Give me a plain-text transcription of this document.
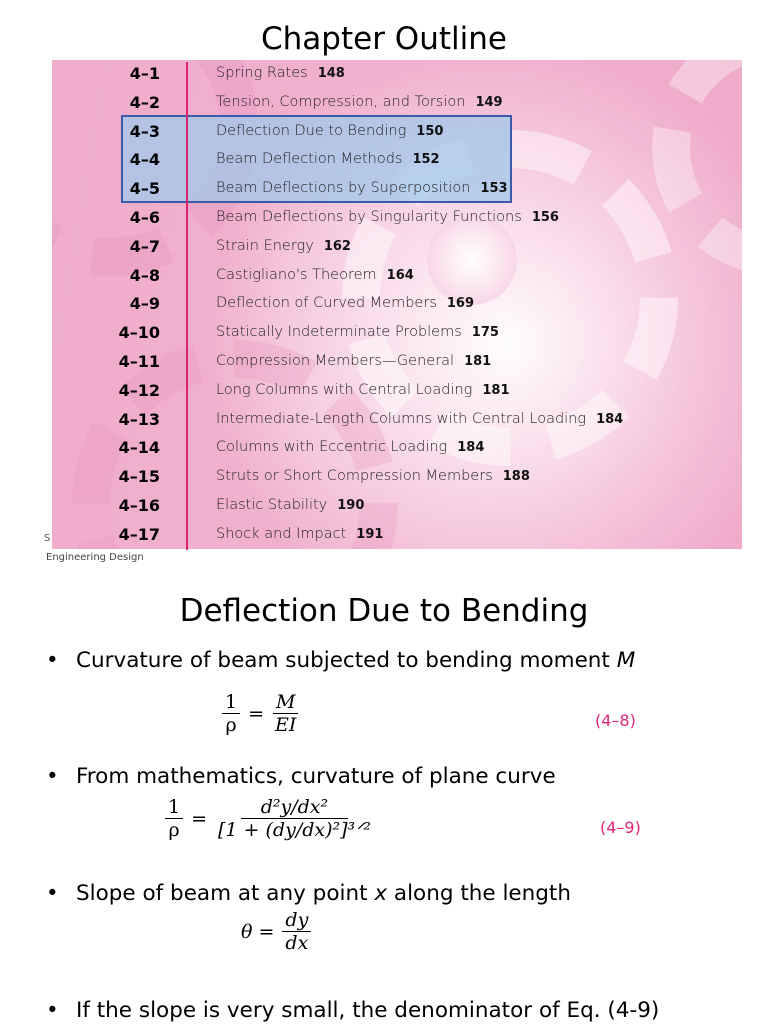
Chapter Outline
4–1	Spring Rates 148
4–2	Tension, Compression, and Torsion 149
4–3	Deflection Due to Bending 150
4–4	Beam Deflection Methods 152
4–5	Beam Deflections by Superposition 153
4–6	Beam Deflections by Singularity Functions 156
4–7	Strain Energy 162
4–8	Castigliano's Theorem 164
4–9	Deflection of Curved Members 169
4–10	Statically Indeterminate Problems 175
4–11	Compression Members—General 181
4–12	Long Columns with Central Loading 181
4–13	Intermediate-Length Columns with Central Loading 184
4–14	Columns with Eccentric Loading 184
4–15	Struts or Short Compression Members 188
4–16	Elastic Stability 190
4–17	Shock and Impact 191
S
Engineering Design
Deflection Due to Bending
• Curvature of beam subjected to bending moment M
$\frac{1}{\rho} = \frac{M}{EI}$	(4–8)
• From mathematics, curvature of plane curve
$\frac{1}{\rho} = \frac{\text{d²y/dx²}}{\text{[1 + (dy/dx)²]³ᐟ²}}$	(4–9)
• Slope of beam at any point x along the length
$\theta = \frac{dy}{dx}$
• If the slope is very small, the denominator of Eq. (4-9)
